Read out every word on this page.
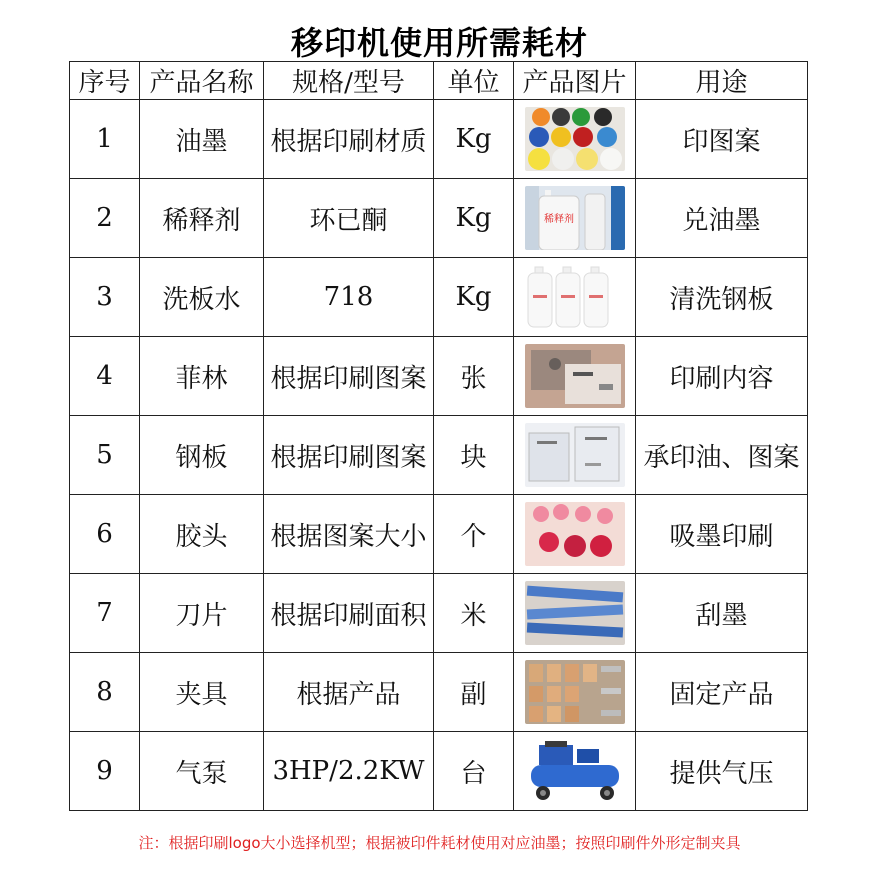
移印机使用所需耗材
序号	产品名称	规格/型号	单位	产品图片	用途
1	油墨	根据印刷材质	Kg		印图案
2	稀释剂	环已酮	Kg	稀释剂	兑油墨
3	洗板水	718	Kg		清洗钢板
4	菲林	根据印刷图案	张		印刷内容
5	钢板	根据印刷图案	块		承印油、图案
6	胶头	根据图案大小	个		吸墨印刷
7	刀片	根据印刷面积	米		刮墨
8	夹具	根据产品	副		固定产品
9	气泵	3HP/2.2KW	台		提供气压
注：根据印刷logo大小选择机型；根据被印件耗材使用对应油墨；按照印刷件外形定制夹具
